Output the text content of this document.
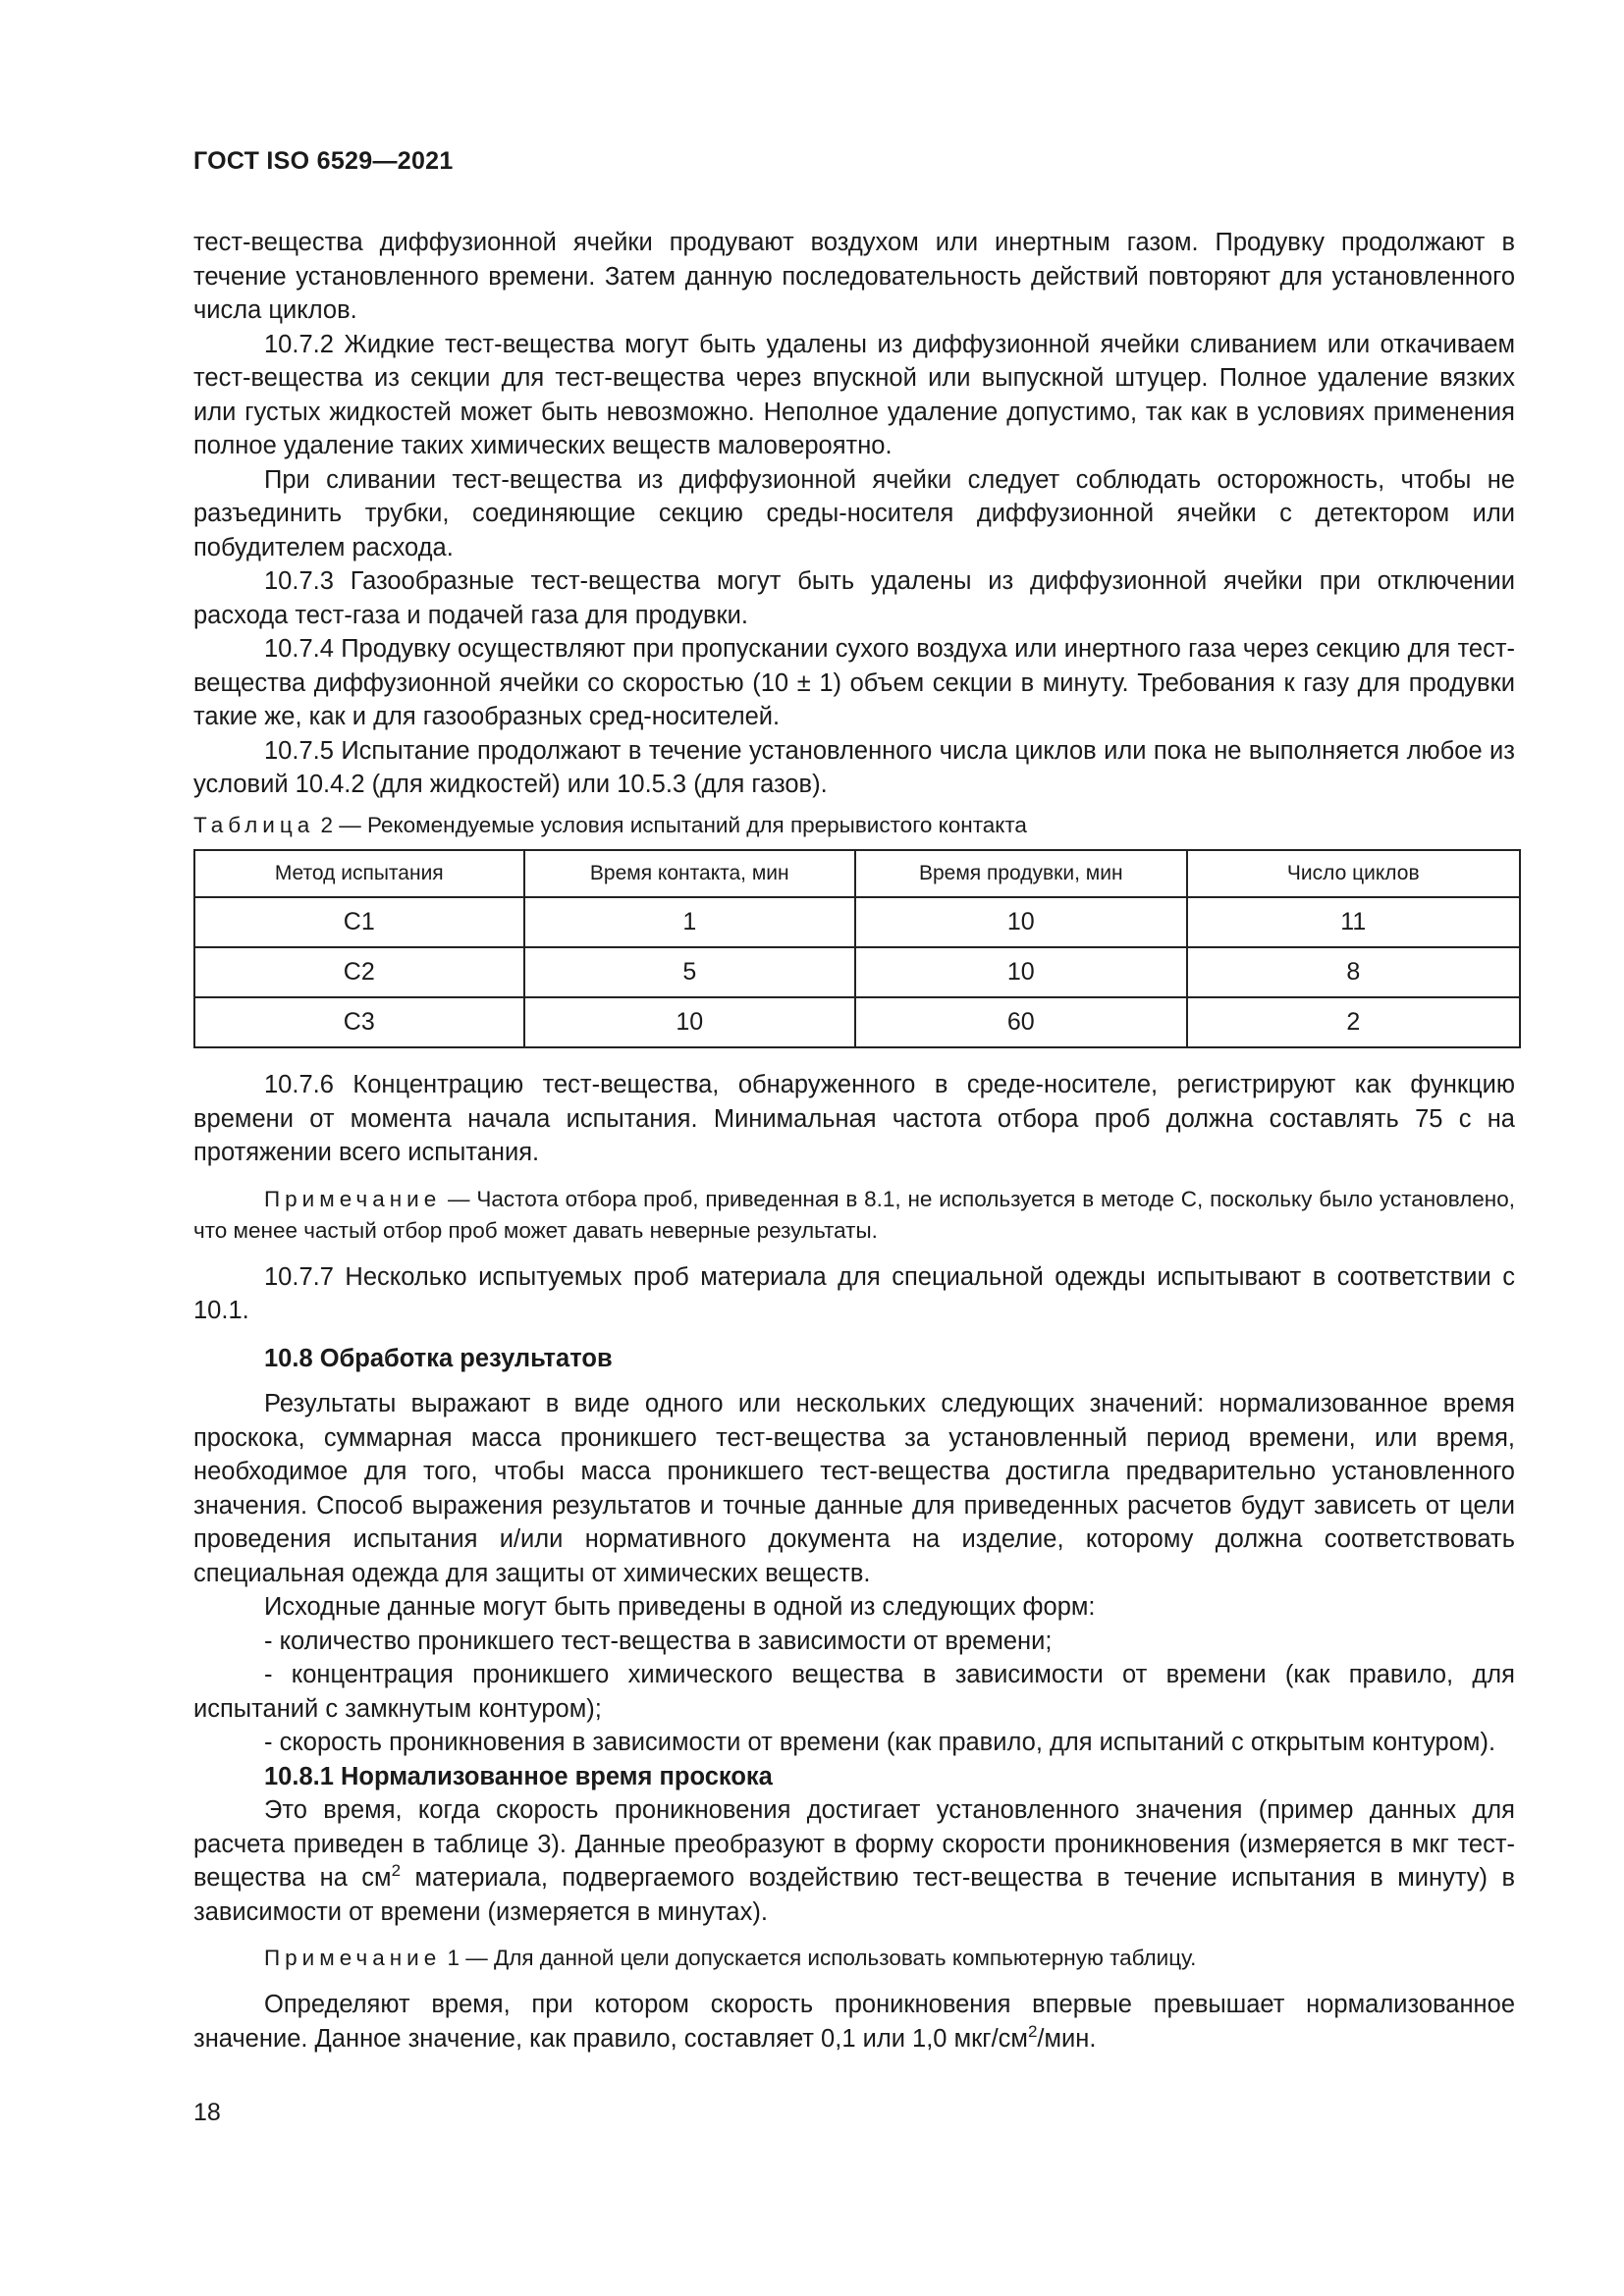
ГОСТ ISO 6529—2021

тест-вещества диффузионной ячейки продувают воздухом или инертным газом. Продувку продолжают в течение установленного времени. Затем данную последовательность действий повторяют для установленного числа циклов.

10.7.2 Жидкие тест-вещества могут быть удалены из диффузионной ячейки сливанием или откачиваем тест-вещества из секции для тест-вещества через впускной или выпускной штуцер. Полное удаление вязких или густых жидкостей может быть невозможно. Неполное удаление допустимо, так как в условиях применения полное удаление таких химических веществ маловероятно.

При сливании тест-вещества из диффузионной ячейки следует соблюдать осторожность, чтобы не разъединить трубки, соединяющие секцию среды-носителя диффузионной ячейки с детектором или побудителем расхода.

10.7.3 Газообразные тест-вещества могут быть удалены из диффузионной ячейки при отключении расхода тест-газа и подачей газа для продувки.

10.7.4 Продувку осуществляют при пропускании сухого воздуха или инертного газа через секцию для тест-вещества диффузионной ячейки со скоростью (10 ± 1) объем секции в минуту. Требования к газу для продувки такие же, как и для газообразных сред-носителей.

10.7.5 Испытание продолжают в течение установленного числа циклов или пока не выполняется любое из условий 10.4.2 (для жидкостей) или 10.5.3 (для газов).

Таблица 2 — Рекомендуемые условия испытаний для прерывистого контакта
Метод испытания	Время контакта, мин	Время продувки, мин	Число циклов
C1	1	10	11
C2	5	10	8
C3	10	60	2

10.7.6 Концентрацию тест-вещества, обнаруженного в среде-носителе, регистрируют как функцию времени от момента начала испытания. Минимальная частота отбора проб должна составлять 75 с на протяжении всего испытания.

Примечание — Частота отбора проб, приведенная в 8.1, не используется в методе С, поскольку было установлено, что менее частый отбор проб может давать неверные результаты.

10.7.7 Несколько испытуемых проб материала для специальной одежды испытывают в соответствии с 10.1.

10.8 Обработка результатов

Результаты выражают в виде одного или нескольких следующих значений: нормализованное время проскока, суммарная масса проникшего тест-вещества за установленный период времени, или время, необходимое для того, чтобы масса проникшего тест-вещества достигла предварительно установленного значения. Способ выражения результатов и точные данные для приведенных расчетов будут зависеть от цели проведения испытания и/или нормативного документа на изделие, которому должна соответствовать специальная одежда для защиты от химических веществ.

Исходные данные могут быть приведены в одной из следующих форм:

- количество проникшего тест-вещества в зависимости от времени;

- концентрация проникшего химического вещества в зависимости от времени (как правило, для испытаний с замкнутым контуром);

- скорость проникновения в зависимости от времени (как правило, для испытаний с открытым контуром).

10.8.1 Нормализованное время проскока

Это время, когда скорость проникновения достигает установленного значения (пример данных для расчета приведен в таблице 3). Данные преобразуют в форму скорости проникновения (измеряется в мкг тест-вещества на $см^2$ материала, подвергаемого воздействию тест-вещества в течение испытания в минуту) в зависимости от времени (измеряется в минутах).

Примечание 1 — Для данной цели допускается использовать компьютерную таблицу.

Определяют время, при котором скорость проникновения впервые превышает нормализованное значение. Данное значение, как правило, составляет 0,1 или 1,0 мкг/$см^2$/мин.

18
